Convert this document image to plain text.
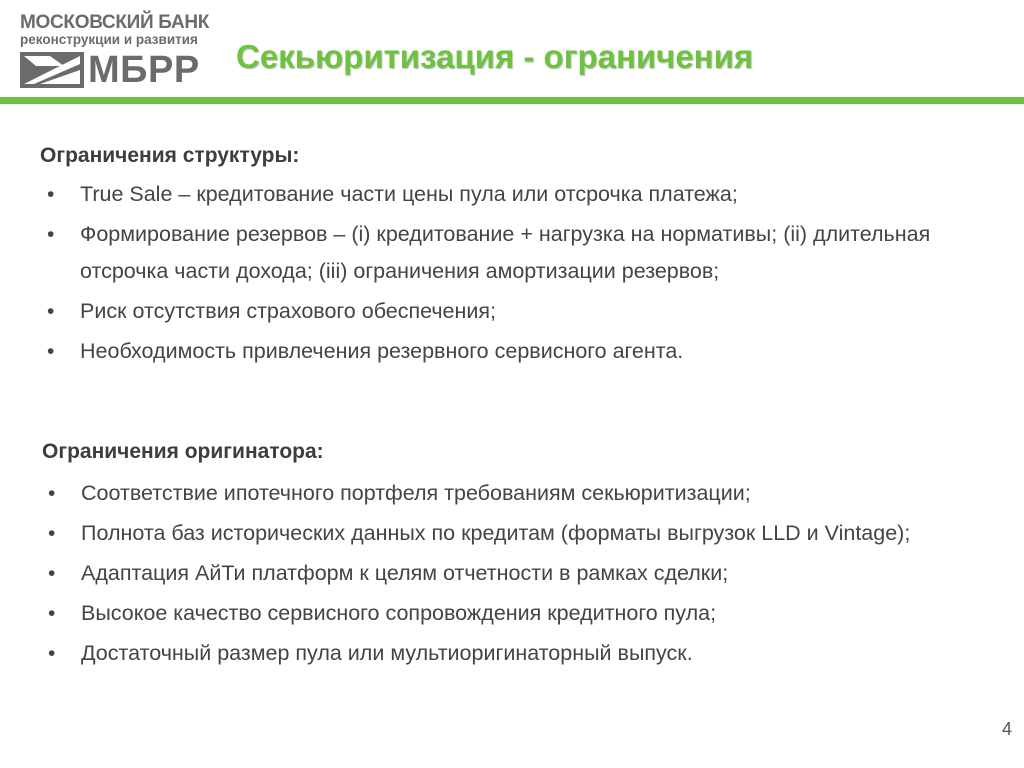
МОСКОВСКИЙ БАНК
реконструкции и развития
МБРР Секьюритизация - ограничения
Ограничения структуры:
• True Sale – кредитование части цены пула или отсрочка платежа;
• Формирование резервов – (i) кредитование + нагрузка на нормативы; (ii) длительная отсрочка части дохода; (iii) ограничения амортизации резервов;
• Риск отсутствия страхового обеспечения;
• Необходимость привлечения резервного сервисного агента.
Ограничения оригинатора:
• Соответствие ипотечного портфеля требованиям секьюритизации;
• Полнота баз исторических данных по кредитам (форматы выгрузок LLD и Vintage);
• Адаптация АйТи платформ к целям отчетности в рамках сделки;
• Высокое качество сервисного сопровождения кредитного пула;
• Достаточный размер пула или мультиоригинаторный выпуск.
4
